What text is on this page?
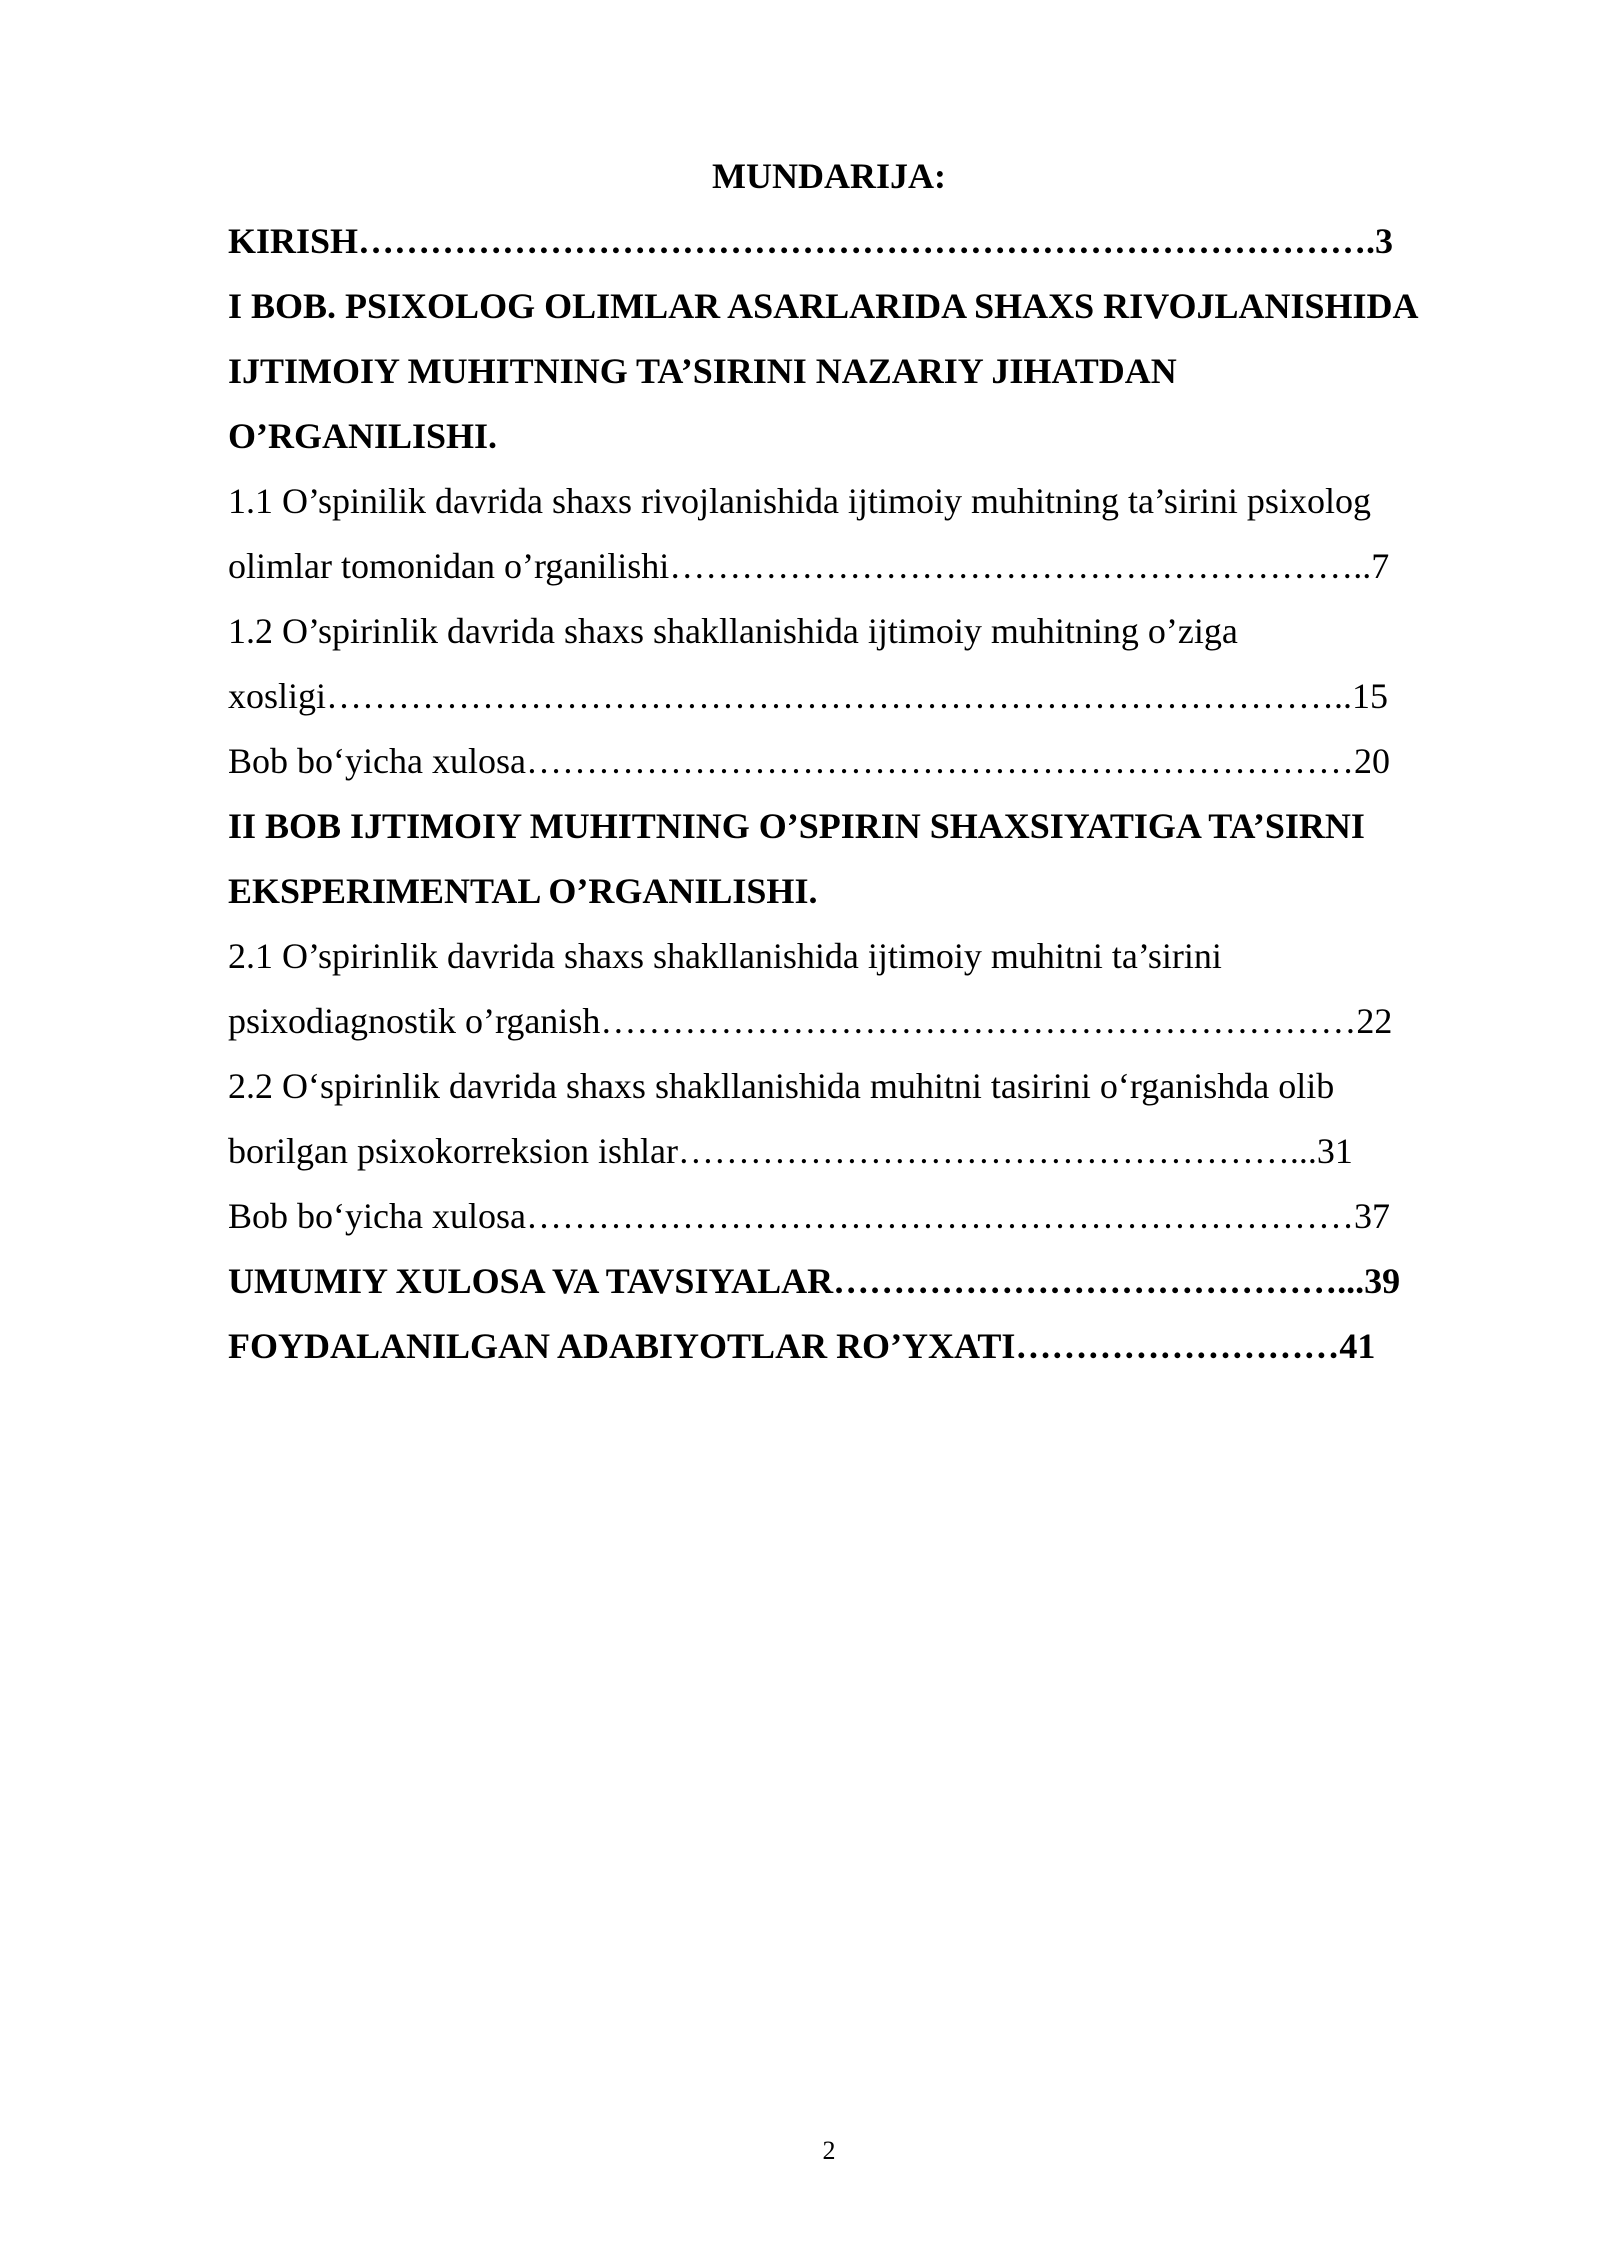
MUNDARIJA:
KIRISH………………………………………………………………………….3
I BOB. PSIXOLOG OLIMLAR ASARLARIDA SHAXS RIVOJLANISHIDA
IJTIMOIY MUHITNING TA’SIRINI NAZARIY JIHATDAN
O’RGANILISHI.
1.1 O’spinilik davrida shaxs rivojlanishida ijtimoiy muhitning ta’sirini psixolog
olimlar tomonidan o’rganilishi…………………………………………………..7
1.2 O’spirinlik davrida shaxs shakllanishida ijtimoiy muhitning o’ziga
xosligi…………………………………………………………………………..15
Bob bo‘yicha xulosa……………………………………………………………20
II BOB IJTIMOIY MUHITNING O’SPIRIN SHAXSIYATIGA TA’SIRNI
EKSPERIMENTAL O’RGANILISHI.
2.1 O’spirinlik davrida shaxs shakllanishida ijtimoiy muhitni ta’sirini
psixodiagnostik o’rganish………………………………………………………22
2.2 O‘spirinlik davrida shaxs shakllanishida muhitni tasirini o‘rganishda olib
borilgan psixokorreksion ishlar……………………………………………...31
Bob bo‘yicha xulosa……………………………………………………………37
UMUMIY XULOSA VA TAVSIYALAR……………………………………...39
FOYDALANILGAN ADABIYOTLAR RO’YXATI………………………41
2
